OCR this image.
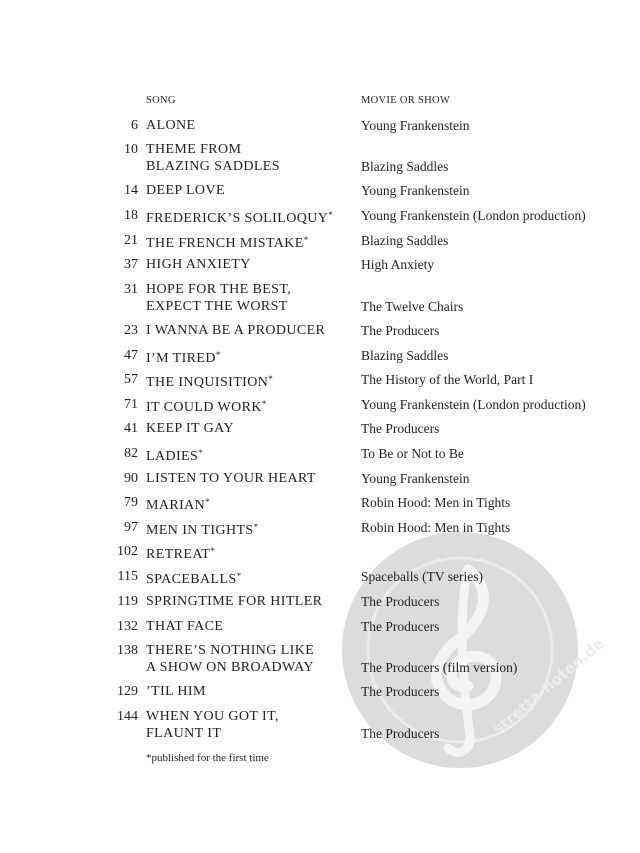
stretta-noten.de
SONG	MOVIE OR SHOW
6 ALONE	Young Frankenstein
10 THEME FROM
BLAZING SADDLES	Blazing Saddles
14 DEEP LOVE	Young Frankenstein
18 FREDERICK’S SOLILOQUY*	Young Frankenstein (London production)
21 THE FRENCH MISTAKE*	Blazing Saddles
37 HIGH ANXIETY	High Anxiety
31 HOPE FOR THE BEST,
EXPECT THE WORST	The Twelve Chairs
23 I WANNA BE A PRODUCER	The Producers
47 I’M TIRED*	Blazing Saddles
57 THE INQUISITION*	The History of the World, Part I
71 IT COULD WORK*	Young Frankenstein (London production)
41 KEEP IT GAY	The Producers
82 LADIES*	To Be or Not to Be
90 LISTEN TO YOUR HEART	Young Frankenstein
79 MARIAN*	Robin Hood: Men in Tights
97 MEN IN TIGHTS*	Robin Hood: Men in Tights
102 RETREAT*
115 SPACEBALLS*	Spaceballs (TV series)
119 SPRINGTIME FOR HITLER	The Producers
132 THAT FACE	The Producers
138 THERE’S NOTHING LIKE
A SHOW ON BROADWAY	The Producers (film version)
129 ’TIL HIM	The Producers
144 WHEN YOU GOT IT,
FLAUNT IT	The Producers
*published for the first time
